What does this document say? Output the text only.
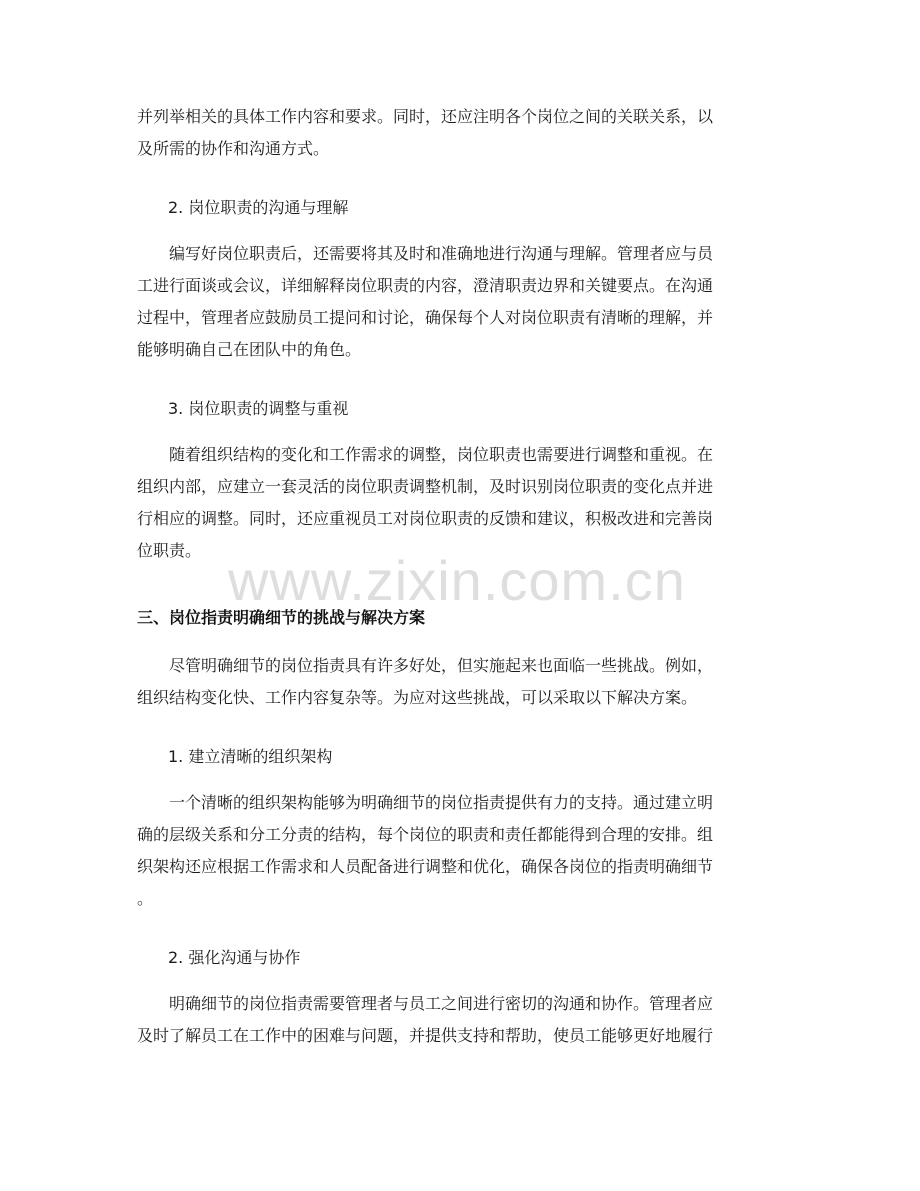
www.zixin.com.cn

并列举相关的具体工作内容和要求。同时，还应注明各个岗位之间的关联关系，以
及所需的协作和沟通方式。

2. 岗位职责的沟通与理解

编写好岗位职责后，还需要将其及时和准确地进行沟通与理解。管理者应与员
工进行面谈或会议，详细解释岗位职责的内容，澄清职责边界和关键要点。在沟通
过程中，管理者应鼓励员工提问和讨论，确保每个人对岗位职责有清晰的理解，并
能够明确自己在团队中的角色。

3. 岗位职责的调整与重视

随着组织结构的变化和工作需求的调整，岗位职责也需要进行调整和重视。在
组织内部，应建立一套灵活的岗位职责调整机制，及时识别岗位职责的变化点并进
行相应的调整。同时，还应重视员工对岗位职责的反馈和建议，积极改进和完善岗
位职责。

三、岗位指责明确细节的挑战与解决方案

尽管明确细节的岗位指责具有许多好处，但实施起来也面临一些挑战。例如，
组织结构变化快、工作内容复杂等。为应对这些挑战，可以采取以下解决方案。

1. 建立清晰的组织架构

一个清晰的组织架构能够为明确细节的岗位指责提供有力的支持。通过建立明
确的层级关系和分工分责的结构，每个岗位的职责和责任都能得到合理的安排。组
织架构还应根据工作需求和人员配备进行调整和优化，确保各岗位的指责明确细节
。

2. 强化沟通与协作

明确细节的岗位指责需要管理者与员工之间进行密切的沟通和协作。管理者应
及时了解员工在工作中的困难与问题，并提供支持和帮助，使员工能够更好地履行
